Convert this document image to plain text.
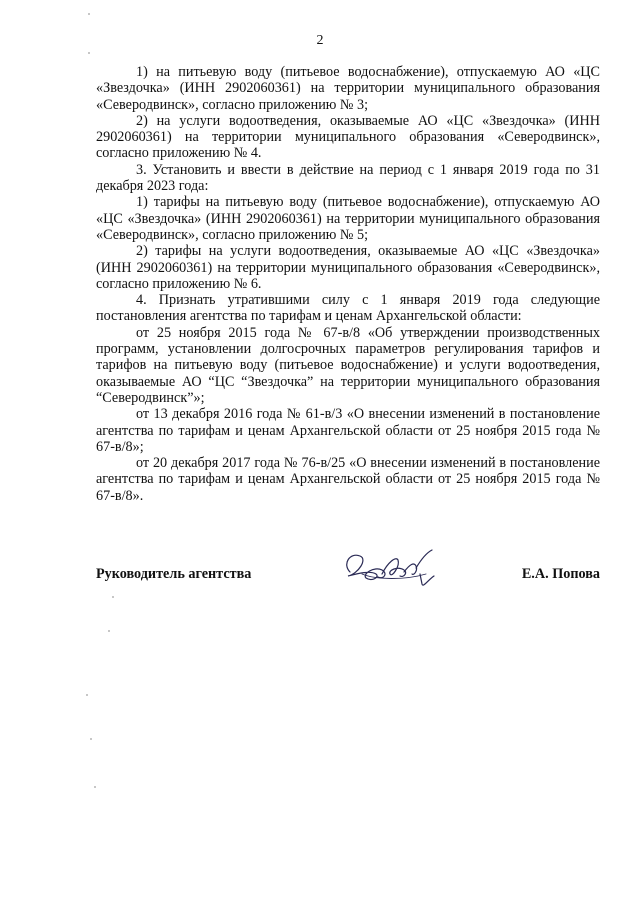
2

1) на питьевую воду (питьевое водоснабжение), отпускаемую АО «ЦС «Звездочка» (ИНН 2902060361) на территории муниципального образования «Северодвинск», согласно приложению № 3;

2) на услуги водоотведения, оказываемые АО «ЦС «Звездочка» (ИНН 2902060361) на территории муниципального образования «Северодвинск», согласно приложению № 4.

3. Установить и ввести в действие на период с 1 января 2019 года по 31 декабря 2023 года:

1) тарифы на питьевую воду (питьевое водоснабжение), отпускаемую АО «ЦС «Звездочка» (ИНН 2902060361) на территории муниципального образования «Северодвинск», согласно приложению № 5;

2) тарифы на услуги водоотведения, оказываемые АО «ЦС «Звездочка» (ИНН 2902060361) на территории муниципального образования «Северодвинск», согласно приложению № 6.

4. Признать утратившими силу с 1 января 2019 года следующие постановления агентства по тарифам и ценам Архангельской области:

от 25 ноября 2015 года № 67-в/8 «Об утверждении производственных программ, установлении долгосрочных параметров регулирования тарифов и тарифов на питьевую воду (питьевое водоснабжение) и услуги водоотведения, оказываемые АО “ЦС “Звездочка” на территории муниципального образования “Северодвинск”»;

от 13 декабря 2016 года № 61-в/3 «О внесении изменений в постановление агентства по тарифам и ценам Архангельской области от 25 ноября 2015 года № 67-в/8»;

от 20 декабря 2017 года № 76-в/25 «О внесении изменений в постановление агентства по тарифам и ценам Архангельской области от 25 ноября 2015 года № 67-в/8».

Руководитель агентства	Е.А. Попова
